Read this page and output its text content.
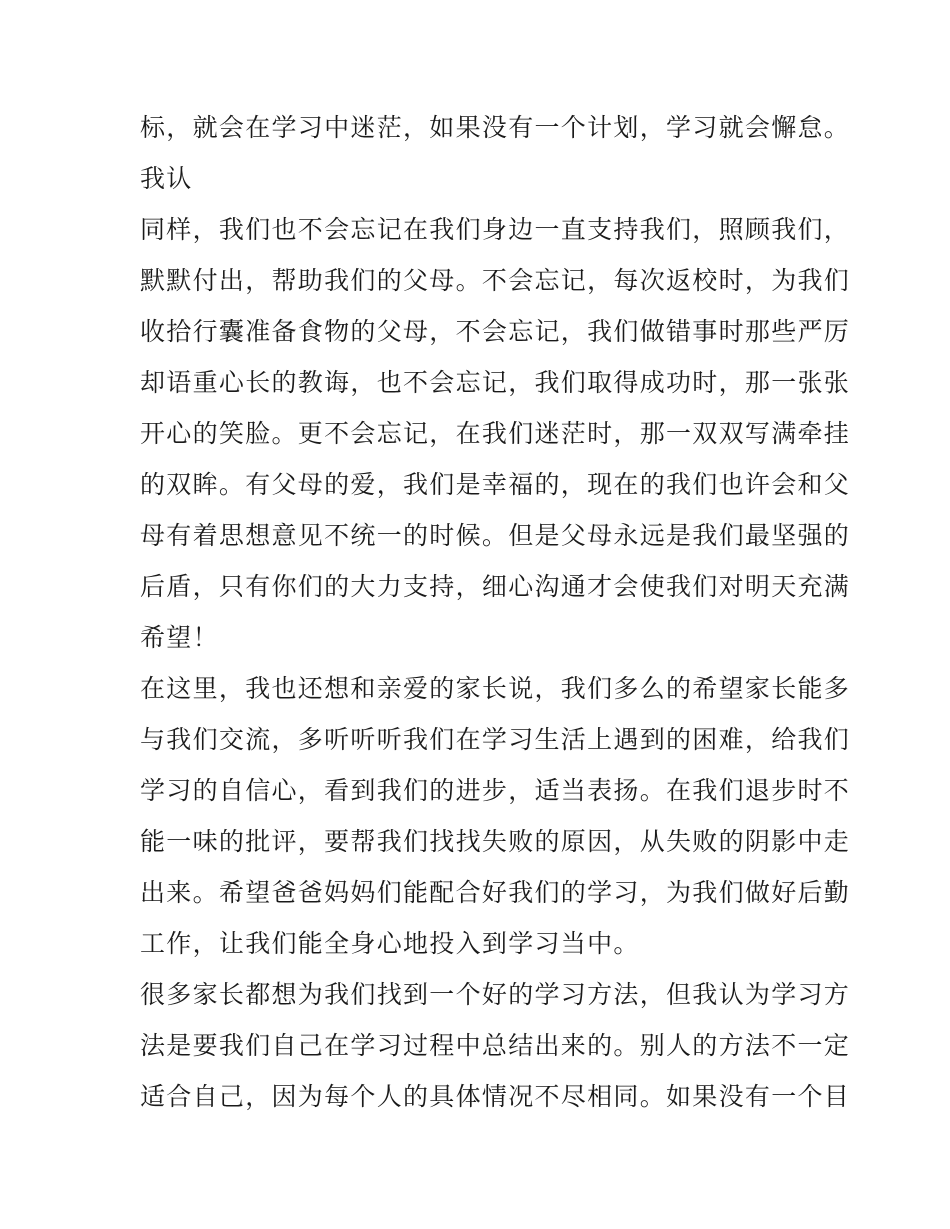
标，就会在学习中迷茫，如果没有一个计划，学习就会懈怠。
我认
同样，我们也不会忘记在我们身边一直支持我们，照顾我们，
默默付出，帮助我们的父母。不会忘记，每次返校时，为我们
收拾行囊准备食物的父母，不会忘记，我们做错事时那些严厉
却语重心长的教诲，也不会忘记，我们取得成功时，那一张张
开心的笑脸。更不会忘记，在我们迷茫时，那一双双写满牵挂
的双眸。有父母的爱，我们是幸福的，现在的我们也许会和父
母有着思想意见不统一的时候。但是父母永远是我们最坚强的
后盾，只有你们的大力支持，细心沟通才会使我们对明天充满
希望！
在这里，我也还想和亲爱的家长说，我们多么的希望家长能多
与我们交流，多听听听我们在学习生活上遇到的困难，给我们
学习的自信心，看到我们的进步，适当表扬。在我们退步时不
能一味的批评，要帮我们找找失败的原因，从失败的阴影中走
出来。希望爸爸妈妈们能配合好我们的学习，为我们做好后勤
工作，让我们能全身心地投入到学习当中。
很多家长都想为我们找到一个好的学习方法，但我认为学习方
法是要我们自己在学习过程中总结出来的。别人的方法不一定
适合自己，因为每个人的具体情况不尽相同。如果没有一个目
